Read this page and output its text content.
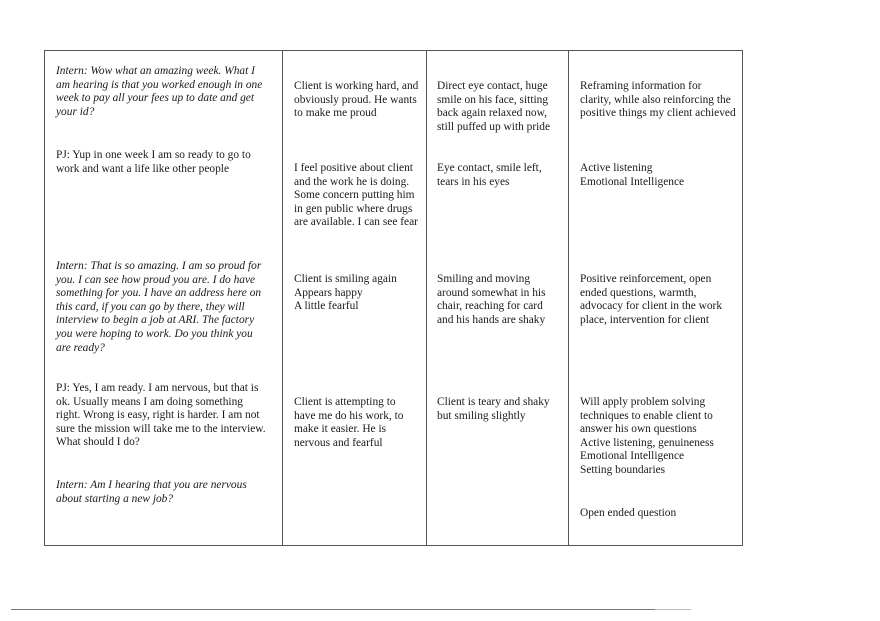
Intern: Wow what an amazing week. What I
am hearing is that you worked enough in one
week to pay all your fees up to date and get
your id?
Client is working hard, and
obviously proud. He wants
to make me proud
Direct eye contact, huge
smile on his face, sitting
back again relaxed now,
still puffed up with pride
Reframing information for
clarity, while also reinforcing the
positive things my client achieved
PJ: Yup in one week I am so ready to go to
work and want a life like other people	I feel positive about client
and the work he is doing.
Some concern putting him
in gen public where drugs
are available. I can see fear
Eye contact, smile left,
tears in his eyes
Active listening
Emotional Intelligence
Intern: That is so amazing. I am so proud for
you. I can see how proud you are. I do have
something for you. I have an address here on
this card, if you can go by there, they will
interview to begin a job at ARI. The factory
you were hoping to work. Do you think you
are ready?
Client is smiling again
Appears happy
A little fearful
Smiling and moving
around somewhat in his
chair, reaching for card
and his hands are shaky
Positive reinforcement, open
ended questions, warmth,
advocacy for client in the work
place, intervention for client
PJ: Yes, I am ready. I am nervous, but that is
ok. Usually means I am doing something
right. Wrong is easy, right is harder. I am not
sure the mission will take me to the interview.
What should I do?
Client is attempting to
have me do his work, to
make it easier. He is
nervous and fearful
Client is teary and shaky
but smiling slightly
Will apply problem solving
techniques to enable client to
answer his own questions
Active listening, genuineness
Emotional Intelligence
Setting boundaries
Intern: Am I hearing that you are nervous
about starting a new job?
Open ended question
